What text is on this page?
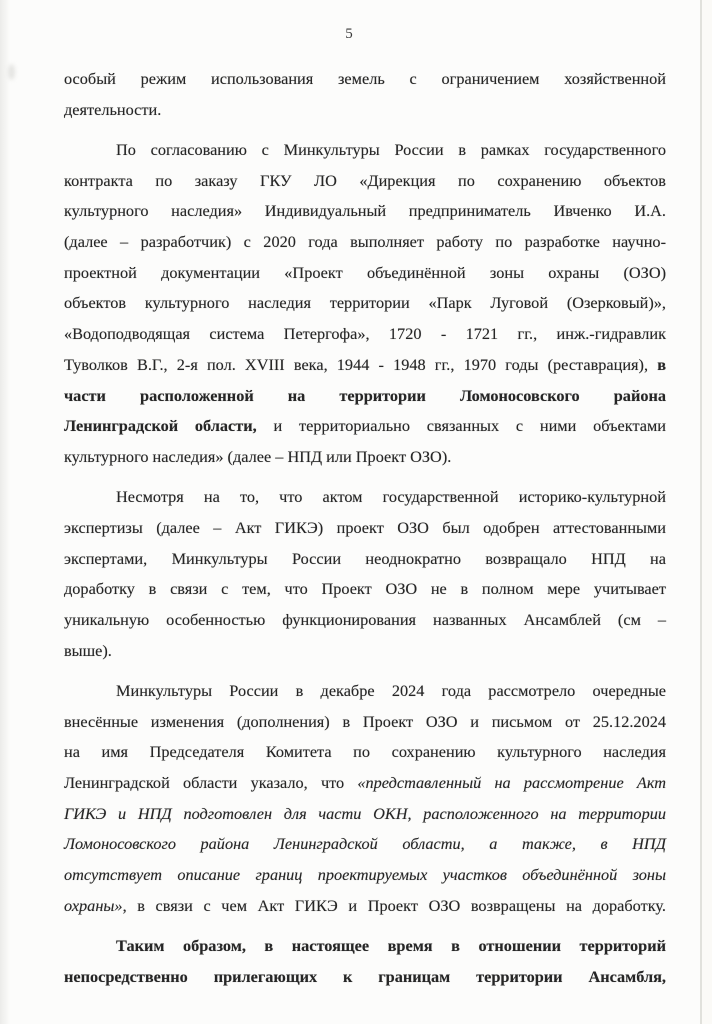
5
особый режим использования земель с ограничением хозяйственной
деятельности.
По согласованию с Минкультуры России в рамках государственного
контракта по заказу ГКУ ЛО «Дирекция по сохранению объектов
культурного наследия» Индивидуальный предприниматель Ивченко И.А.
(далее – разработчик) с 2020 года выполняет работу по разработке научно-
проектной документации «Проект объединённой зоны охраны (ОЗО)
объектов культурного наследия территории «Парк Луговой (Озерковый)»,
«Водоподводящая система Петергофа», 1720 - 1721 гг., инж.-гидравлик
Туволков В.Г., 2-я пол. XVIII века, 1944 - 1948 гг., 1970 годы (реставрация), в
части расположенной на территории Ломоносовского района
Ленинградской области, и территориально связанных с ними объектами
культурного наследия» (далее – НПД или Проект ОЗО).
Несмотря на то, что актом государственной историко-культурной
экспертизы (далее – Акт ГИКЭ) проект ОЗО был одобрен аттестованными
экспертами, Минкультуры России неоднократно возвращало НПД на
доработку в связи с тем, что Проект ОЗО не в полном мере учитывает
уникальную особенностью функционирования названных Ансамблей (см –
выше).
Минкультуры России в декабре 2024 года рассмотрело очередные
внесённые изменения (дополнения) в Проект ОЗО и письмом от 25.12.2024
на имя Председателя Комитета по сохранению культурного наследия
Ленинградской области указало, что «представленный на рассмотрение Акт
ГИКЭ и НПД подготовлен для части ОКН, расположенного на территории
Ломоносовского района Ленинградской области, а также, в НПД
отсутствует описание границ проектируемых участков объединённой зоны
охраны», в связи с чем Акт ГИКЭ и Проект ОЗО возвращены на доработку.
Таким образом, в настоящее время в отношении территорий
непосредственно прилегающих к границам территории Ансамбля,
